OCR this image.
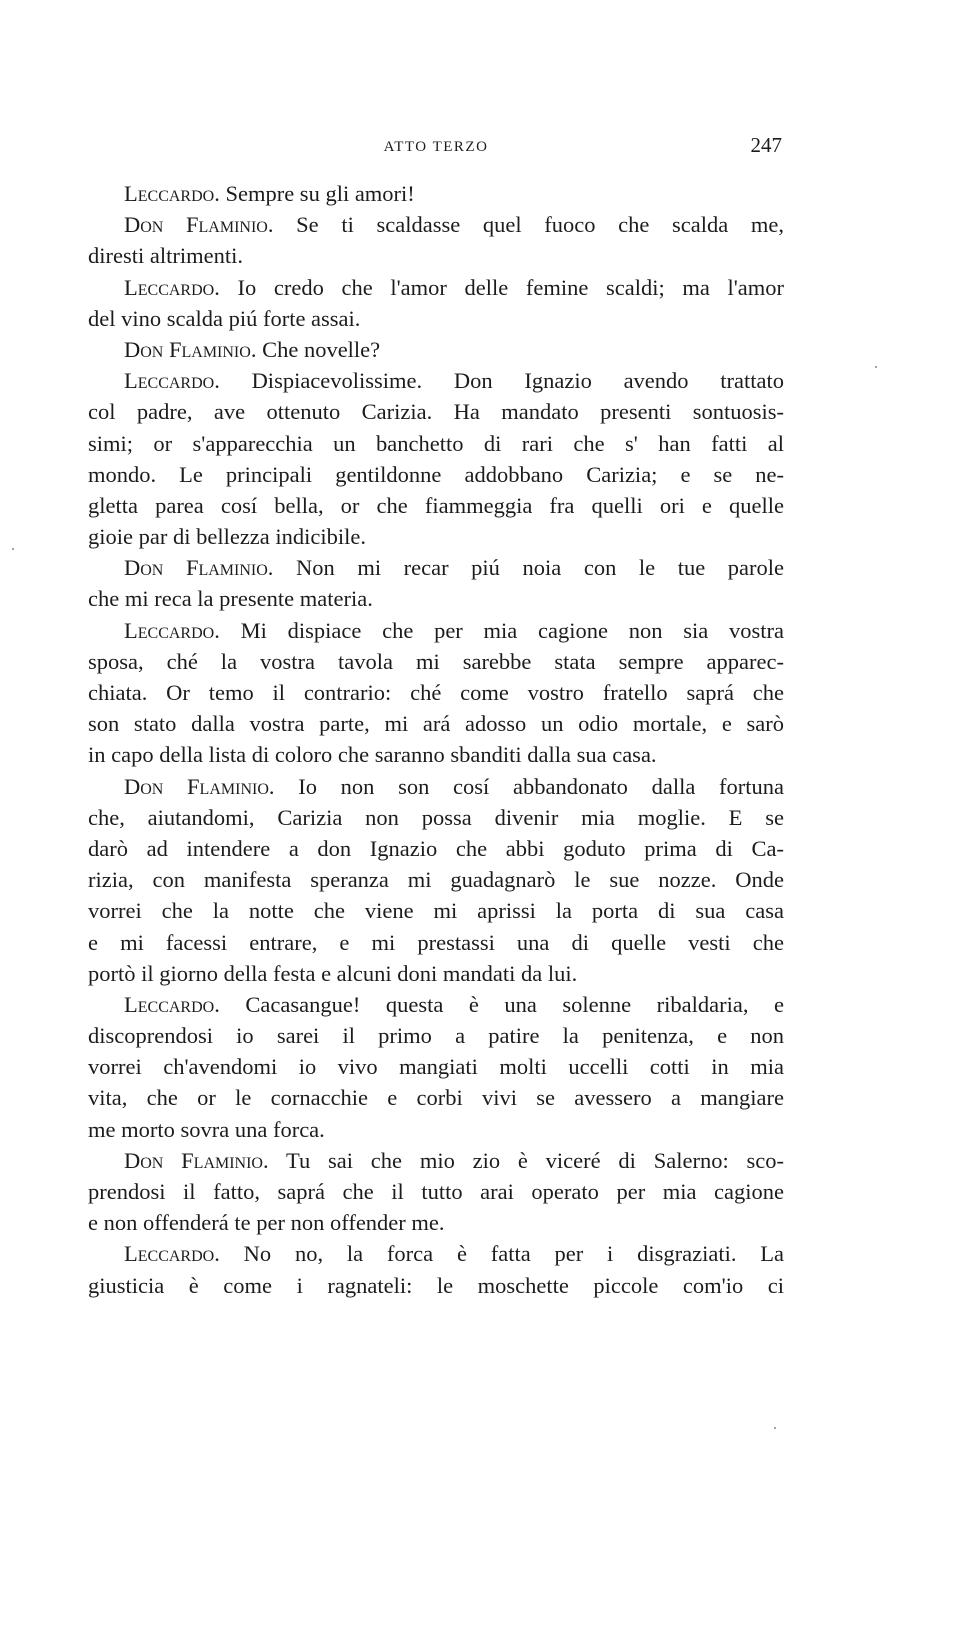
ATTO TERZO	247
Leccardo. Sempre su gli amori!
Don Flaminio. Se ti scaldasse quel fuoco che scalda me,
diresti altrimenti.
Leccardo. Io credo che l'amor delle femine scaldi; ma l'amor
del vino scalda piú forte assai.
Don Flaminio. Che novelle?
Leccardo. Dispiacevolissime. Don Ignazio avendo trattato
col padre, ave ottenuto Carizia. Ha mandato presenti sontuosis-
simi; or s'apparecchia un banchetto di rari che s' han fatti al
mondo. Le principali gentildonne addobbano Carizia; e se ne-
gletta parea cosí bella, or che fiammeggia fra quelli ori e quelle
gioie par di bellezza indicibile.
Don Flaminio. Non mi recar piú noia con le tue parole
che mi reca la presente materia.
Leccardo. Mi dispiace che per mia cagione non sia vostra
sposa, ché la vostra tavola mi sarebbe stata sempre apparec-
chiata. Or temo il contrario: ché come vostro fratello saprá che
son stato dalla vostra parte, mi ará adosso un odio mortale, e sarò
in capo della lista di coloro che saranno sbanditi dalla sua casa.
Don Flaminio. Io non son cosí abbandonato dalla fortuna
che, aiutandomi, Carizia non possa divenir mia moglie. E se
darò ad intendere a don Ignazio che abbi goduto prima di Ca-
rizia, con manifesta speranza mi guadagnarò le sue nozze. Onde
vorrei che la notte che viene mi aprissi la porta di sua casa
e mi facessi entrare, e mi prestassi una di quelle vesti che
portò il giorno della festa e alcuni doni mandati da lui.
Leccardo. Cacasangue! questa è una solenne ribaldaria, e
discoprendosi io sarei il primo a patire la penitenza, e non
vorrei ch'avendomi io vivo mangiati molti uccelli cotti in mia
vita, che or le cornacchie e corbi vivi se avessero a mangiare
me morto sovra una forca.
Don Flaminio. Tu sai che mio zio è viceré di Salerno: sco-
prendosi il fatto, saprá che il tutto arai operato per mia cagione
e non offenderá te per non offender me.
Leccardo. No no, la forca è fatta per i disgraziati. La
giusticia è come i ragnateli: le moschette piccole com'io ci
